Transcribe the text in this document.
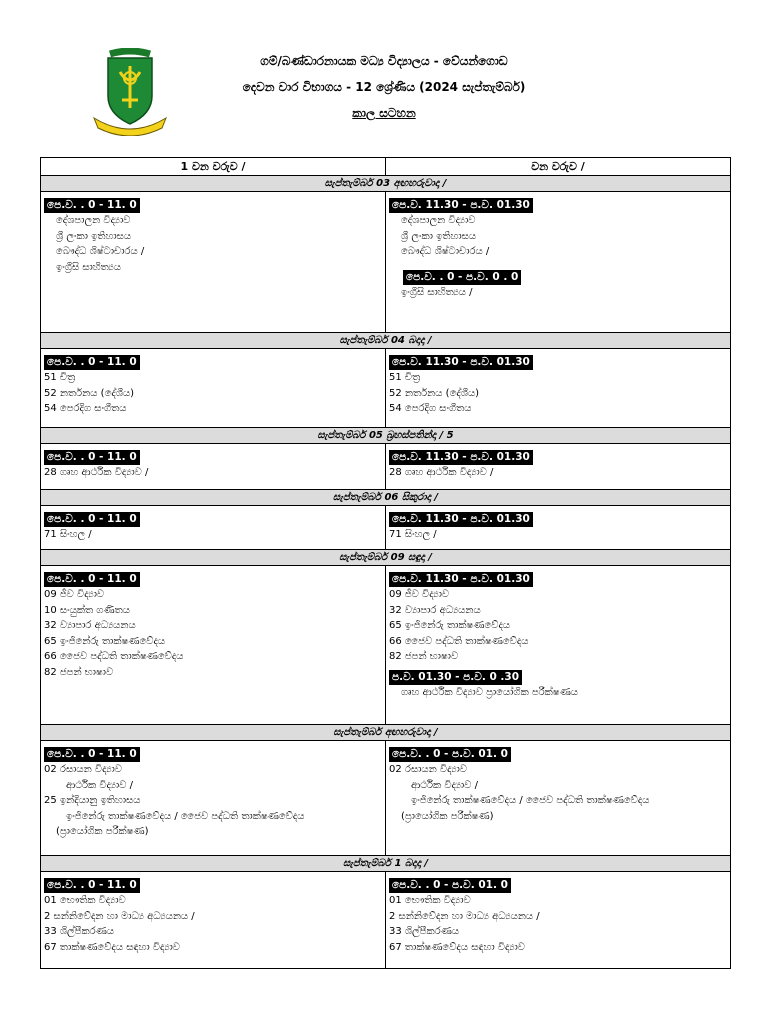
ගම්/බණ්ඩාරනායක මධ්‍ය විද්‍යාලය - වේයන්ගොඩ
දෙවන වාර විභාගය - 12 ශ්‍රේණිය (2024 සැප්තැම්බර්)
කාල සටහන
1 වන වරුව /	වන වරුව /
සැප්තැම්බර් 03 අඟහරුවාදා /
පෙ.ව. . 0 - 11. 0
දේශපාලන විද්‍යාව
ශ්‍රී ලංකා ඉතිහාසය
බෞද්ධ ශිෂ්ටාචාරය /
ඉංග්‍රීසි සාහිත්‍යය
පෙ.ව. 11.30 - ප.ව. 01.30
දේශපාලන විද්‍යාව
ශ්‍රී ලංකා ඉතිහාසය
බෞද්ධ ශිෂ්ටාචාරය /
පෙ.ව. . 0 - ප.ව. 0 . 0
ඉංග්‍රීසි සාහිත්‍යය /
සැප්තැම්බර් 04 බදාදා /
පෙ.ව. . 0 - 11. 0
51 චිත්‍ර
52 නර්තනය (දේශීය)
54 පෙරදිග සංගීතය
පෙ.ව. 11.30 - ප.ව. 01.30
51 චිත්‍ර
52 නර්තනය (දේශීය)
54 පෙරදිග සංගීතය
සැප්තැම්බර් 05 බ්‍රහස්පතින්දා / 5
පෙ.ව. . 0 - 11. 0
28 ගෘහ ආර්ථික විද්‍යාව /
පෙ.ව. 11.30 - ප.ව. 01.30
28 ගෘහ ආර්ථික විද්‍යාව /
සැප්තැම්බර් 06 සිකුරාදා /
පෙ.ව. . 0 - 11. 0
71 සිංහල /
පෙ.ව. 11.30 - ප.ව. 01.30
71 සිංහල /
සැප්තැම්බර් 09 සඳුදා /
පෙ.ව. . 0 - 11. 0
09 ජීව විද්‍යාව
10 සංයුක්ත ගණිතය
32 ව්‍යාපාර අධ්‍යයනය
65 ඉංජිනේරු තාක්ෂණවේදය
66 ජෛව පද්ධති තාක්ෂණවේදය
82 ජපන් භාෂාව
පෙ.ව. 11.30 - ප.ව. 01.30
09 ජීව විද්‍යාව
32 ව්‍යාපාර අධ්‍යයනය
65 ඉංජිනේරු තාක්ෂණවේදය
66 ජෛව පද්ධති තාක්ෂණවේදය
82 ජපන් භාෂාව
ප.ව. 01.30 - ප.ව. 0 .30
ගෘහ ආර්ථික විද්‍යාව ප්‍රායෝගික පරීක්ෂණය
සැප්තැම්බර් අඟහරුවාදා /
පෙ.ව. . 0 - 11. 0
02 රසායන විද්‍යාව
ආර්ථික විද්‍යාව /
25 ඉන්දියානු ඉතිහාසය
ඉංජිනේරු තාක්ෂණවේදය / ජෛව පද්ධති තාක්ෂණවේදය
(ප්‍රායෝගික පරීක්ෂණ)
පෙ.ව. . 0 - ප.ව. 01. 0
02 රසායන විද්‍යාව
ආර්ථික විද්‍යාව /
ඉංජිනේරු තාක්ෂණවේදය / ජෛව පද්ධති තාක්ෂණවේදය
(ප්‍රායෝගික පරීක්ෂණ)
සැප්තැම්බර් 1 බදාදා /
පෙ.ව. . 0 - 11. 0
01 භෞතික විද්‍යාව
2 සන්නිවේදන හා මාධ්‍ය අධ්‍යයනය /
33 ශිල්පීකරණය
67 තාක්ෂණවේදය සඳහා විද්‍යාව
පෙ.ව. . 0 - ප.ව. 01. 0
01 භෞතික විද්‍යාව
2 සන්නිවේදන හා මාධ්‍ය අධ්‍යයනය /
33 ශිල්පීකරණය
67 තාක්ෂණවේදය සඳහා විද්‍යාව
